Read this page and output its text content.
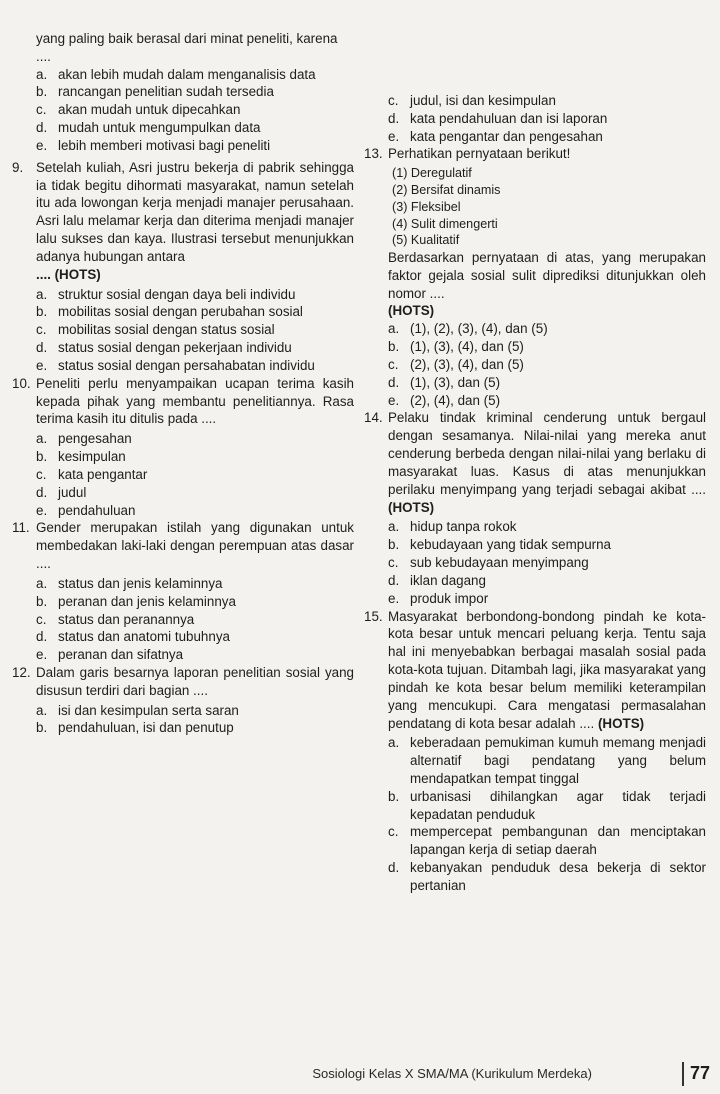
yang paling baik berasal dari minat peneliti, karena ....
a. akan lebih mudah dalam menganalisis data
b. rancangan penelitian sudah tersedia
c. akan mudah untuk dipecahkan
d. mudah untuk mengumpulkan data
e. lebih memberi motivasi bagi peneliti
9. Setelah kuliah, Asri justru bekerja di pabrik sehingga ia tidak begitu dihormati masyarakat, namun setelah itu ada lowongan kerja menjadi manajer perusahaan. Asri lalu melamar kerja dan diterima menjadi manajer lalu sukses dan kaya. Ilustrasi tersebut menunjukkan adanya hubungan antara
.... (HOTS)
a. struktur sosial dengan daya beli individu
b. mobilitas sosial dengan perubahan sosial
c. mobilitas sosial dengan status sosial
d. status sosial dengan pekerjaan individu
e. status sosial dengan persahabatan individu
10. Peneliti perlu menyampaikan ucapan terima kasih kepada pihak yang membantu penelitiannya. Rasa terima kasih itu ditulis pada ....
a. pengesahan
b. kesimpulan
c. kata pengantar
d. judul
e. pendahuluan
11. Gender merupakan istilah yang digunakan untuk membedakan laki-laki dengan perempuan atas dasar ....
a. status dan jenis kelaminnya
b. peranan dan jenis kelaminnya
c. status dan peranannya
d. status dan anatomi tubuhnya
e. peranan dan sifatnya
12. Dalam garis besarnya laporan penelitian sosial yang disusun terdiri dari bagian ....
a. isi dan kesimpulan serta saran
b. pendahuluan, isi dan penutup
c. judul, isi dan kesimpulan
d. kata pendahuluan dan isi laporan
e. kata pengantar dan pengesahan
13. Perhatikan pernyataan berikut!
(1) Deregulatif
(2) Bersifat dinamis
(3) Fleksibel
(4) Sulit dimengerti
(5) Kualitatif
Berdasarkan pernyataan di atas, yang merupakan faktor gejala sosial sulit diprediksi ditunjukkan oleh nomor ....
(HOTS)
a. (1), (2), (3), (4), dan (5)
b. (1), (3), (4), dan (5)
c. (2), (3), (4), dan (5)
d. (1), (3), dan (5)
e. (2), (4), dan (5)
14. Pelaku tindak kriminal cenderung untuk bergaul dengan sesamanya. Nilai-nilai yang mereka anut cenderung berbeda dengan nilai-nilai yang berlaku di masyarakat luas. Kasus di atas menunjukkan perilaku menyimpang yang terjadi sebagai akibat .... (HOTS)
a. hidup tanpa rokok
b. kebudayaan yang tidak sempurna
c. sub kebudayaan menyimpang
d. iklan dagang
e. produk impor
15. Masyarakat berbondong-bondong pindah ke kota-kota besar untuk mencari peluang kerja. Tentu saja hal ini menyebabkan berbagai masalah sosial pada kota-kota tujuan. Ditambah lagi, jika masyarakat yang pindah ke kota besar belum memiliki keterampilan yang mencukupi. Cara mengatasi permasalahan pendatang di kota besar adalah .... (HOTS)
a. keberadaan pemukiman kumuh memang menjadi alternatif bagi pendatang yang belum mendapatkan tempat tinggal
b. urbanisasi dihilangkan agar tidak terjadi kepadatan penduduk
c. mempercepat pembangunan dan menciptakan lapangan kerja di setiap daerah
d. kebanyakan penduduk desa bekerja di sektor pertanian
Sosiologi Kelas X SMA/MA (Kurikulum Merdeka)	77
